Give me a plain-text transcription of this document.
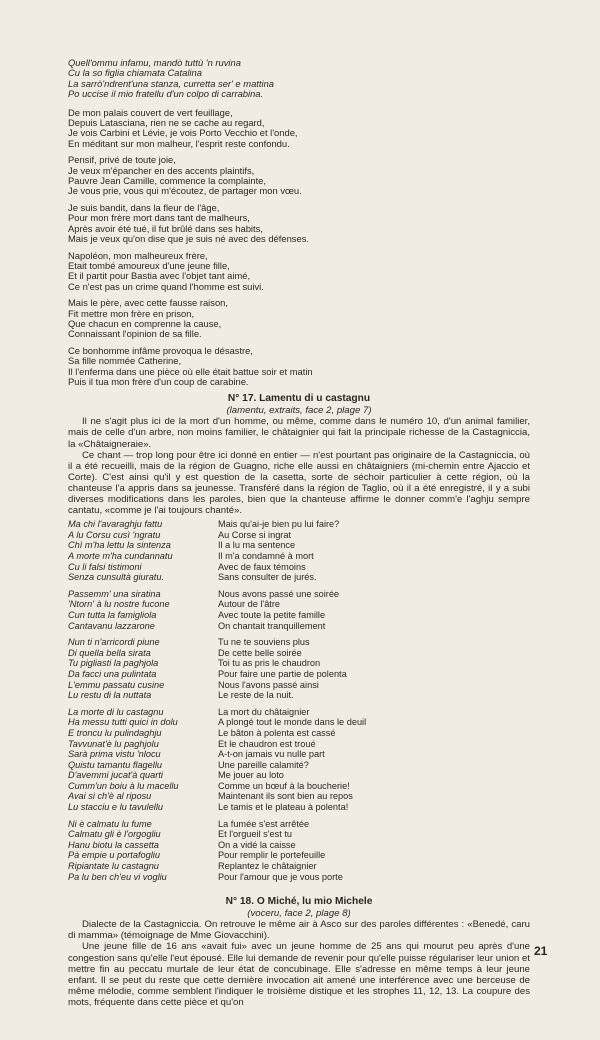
Quell'ommu infamu, mandò tuttù 'n ruvina
Cu la so figlia chiamata Catalina
La sarrò'ndrent'una stanza, curretta ser' e mattina
Po uccise il mio fratellu d'un colpo di carrabina.
De mon palais couvert de vert feuillage,
Depuis Latasciana, rien ne se cache au regard,
Je vois Carbini et Lévie, je vois Porto Vecchio et l'onde,
En méditant sur mon malheur, l'esprit reste confondu.
Pensif, privé de toute joie,
Je veux m'épancher en des accents plaintifs,
Pauvre Jean Camille, commence la complainte,
Je vous prie, vous qui m'écoutez, de partager mon vœu.
Je suis bandit, dans la fleur de l'âge,
Pour mon frère mort dans tant de malheurs,
Après avoir été tué, il fut brûlé dans ses habits,
Mais je veux qu'on dise que je suis né avec des défenses.
Napoléon, mon malheureux frère,
Etait tombé amoureux d'une jeune fille,
Et il partit pour Bastia avec l'objet tant aimé,
Ce n'est pas un crime quand l'homme est suivi.
Mais le père, avec cette fausse raison,
Fit mettre mon frère en prison,
Que chacun en comprenne la cause,
Connaissant l'opinion de sa fille.
Ce bonhomme infâme provoqua le désastre,
Sa fille nommée Catherine,
Il l'enferma dans une pièce où elle était battue soir et matin
Puis il tua mon frère d'un coup de carabine.
N° 17. Lamentu di u castagnu
(lamentu, extraits, face 2, plage 7)

Il ne s'agit plus ici de la mort d'un homme, ou même, comme dans le numéro 10, d'un animal familier, mais de celle d'un arbre, non moins familier, le châtaignier qui fait la principale richesse de la Castagniccia, la «Châtaigneraie».

Ce chant — trop long pour être ici donné en entier — n'est pourtant pas originaire de la Castagniccia, où il a été recueilli, mais de la région de Guagno, riche elle aussi en châtaigniers (mi-chemin entre Ajaccio et Corte). C'est ainsi qu'il y est question de la casetta, sorte de séchoir particulier à cette région, où la chanteuse l'a appris dans sa jeunesse. Transféré dans la région de Taglio, où il a été enregistré, il y a subi diverses modifications dans les paroles, bien que la chanteuse affirme le donner comm'e l'aghju sempre cantatu, «comme je l'ai toujours chanté».

Ma chi l'avaraghju fattu
A lu Corsu cusì 'ngratu
Chì m'ha lettu la sintenza
A morte m'ha cundannatu
Cu li falsi tistimoni
Senza cunsultà giuratu.
Passemm' una siratina
'Ntorn' à lu nostre fucone
Cun tutta la famigliola
Cantavanu lazzarone
Nun ti n'arricordi piune
Di quella bella sirata
Tu pigliasti la paghjola
Da facci una pulintata
L'emmu passatu cusine
Lu restu di la nuttata
La morte di lu castagnu
Ha messu tutti quici in dolu
E troncu lu pulindaghju
Tavvunat'è lu paghjolu
Sarà prima vistu 'nlocu
Quistu tamantu flagellu
D'avemmi jucat'à quarti
Cumm'un boiu à lu macellu
Avai si ch'è al riposu
Lu stacciu e lu tavulellu
Ni è calmatu lu fume
Calmatu gli è l'orgogliu
Hanu biotu la cassetta
Pà empie u portafogliu
Ripiantate lu castagnu
Pa lu ben ch'eu vi vogliu
Mais qu'ai-je bien pu lui faire?
Au Corse si ingrat
Il a lu ma sentence
Il m'a condamné à mort
Avec de faux témoins
Sans consulter de jurés.
Nous avons passé une soirée
Autour de l'âtre
Avec toute la petite famille
On chantait tranquillement
Tu ne te souviens plus
De cette belle soirée
Toi tu as pris le chaudron
Pour faire une partie de polenta
Nous l'avons passé ainsi
Le reste de la nuit.
La mort du châtaignier
A plongé tout le monde dans le deuil
Le bâton à polenta est cassé
Et le chaudron est troué
A-t-on jamais vu nulle part
Une pareille calamité?
Me jouer au loto
Comme un bœuf à la boucherie!
Maintenant ils sont bien au repos
Le tamis et le plateau à polenta!
La fumée s'est arrêtée
Et l'orgueil s'est tu
On a vidé la caisse
Pour remplir le portefeuille
Replantez le châtaignier
Pour l'amour que je vous porte
N° 18. O Miché, lu mio Michele
(voceru, face 2, plage 8)

Dialecte de la Castagniccia. On retrouve le même air à Asco sur des paroles différentes : «Benedé, caru di mamma» (témoignage de Mme Giovacchini).

Une jeune fille de 16 ans «avait fui» avec un jeune homme de 25 ans qui mourut peu après d'une congestion sans qu'elle l'eut épousé. Elle lui demande de revenir pour qu'elle puisse régulariser leur union et mettre fin au peccatu murtale de leur état de concubinage. Elle s'adresse en même temps à leur jeune enfant. Il se peut du reste que cette dernière invocation ait amené une interférence avec une berceuse de même mélodie, comme semblent l'indiquer le troisième distique et les strophes 11, 12, 13. La coupure des mots, fréquente dans cette pièce et qu'on

21
